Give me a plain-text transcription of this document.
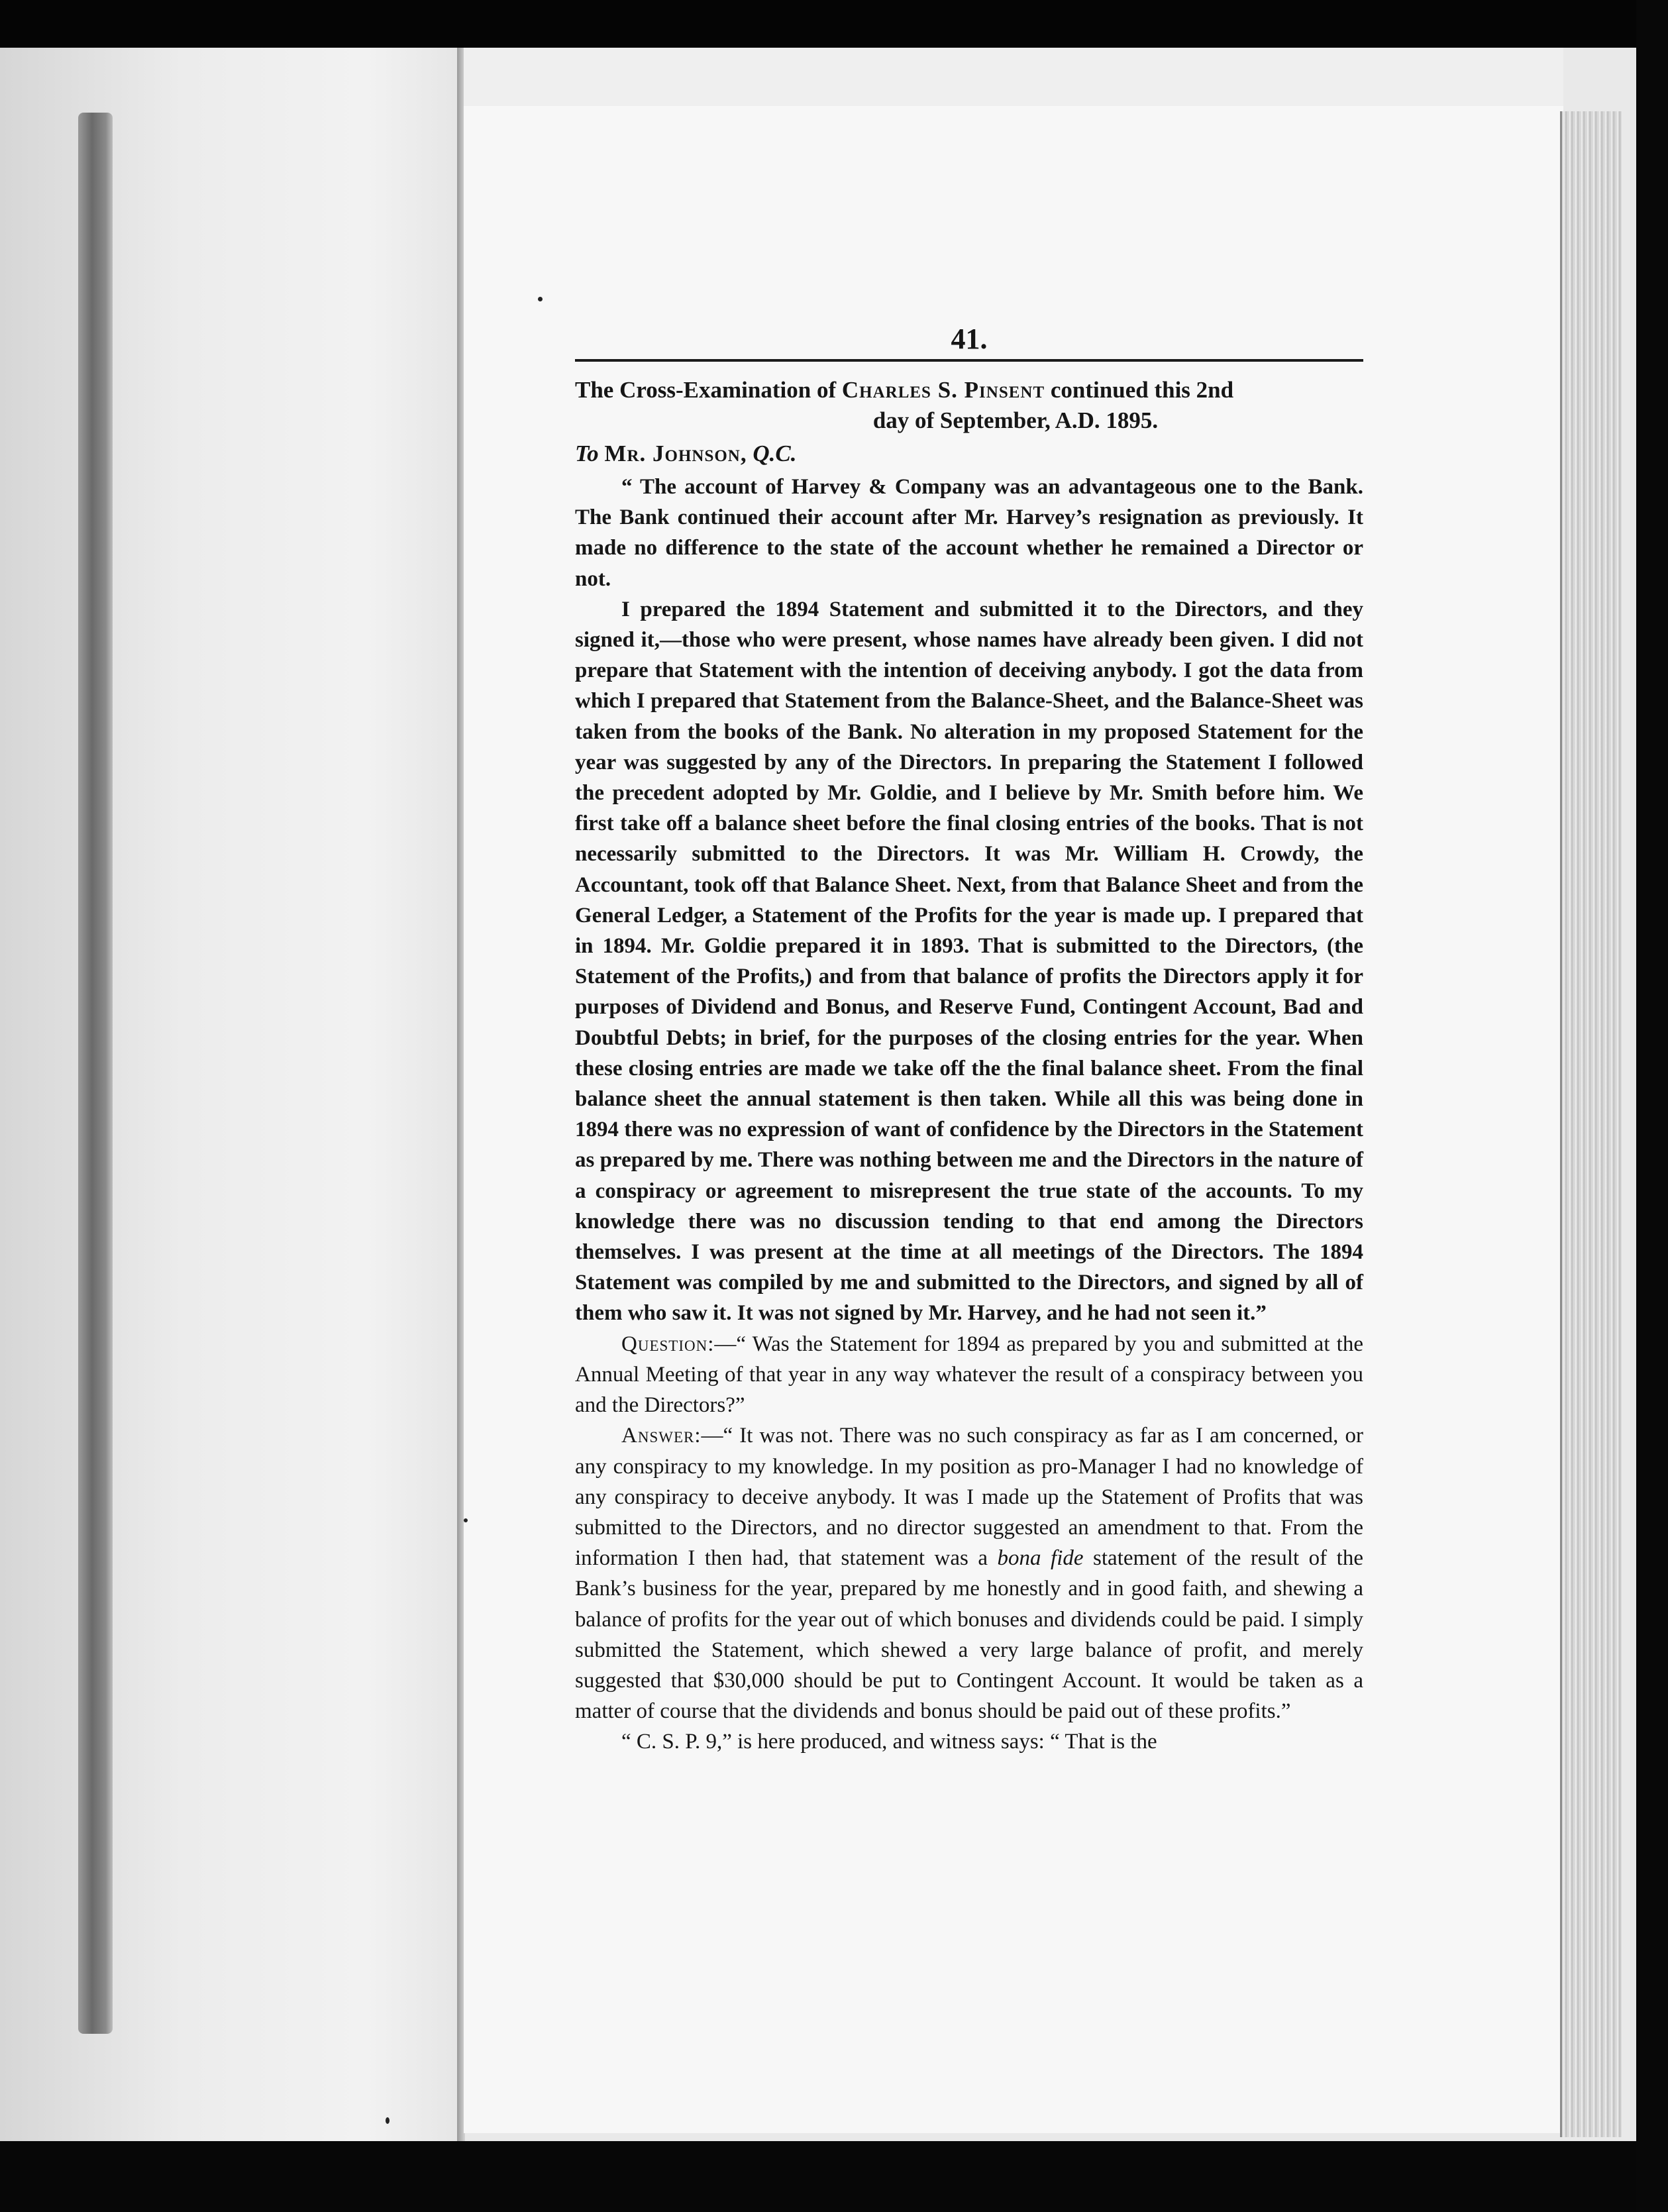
41.

The Cross-Examination of Charles S. Pinsent continued this 2nd

day of September, A.D. 1895.

To Mr. Johnson, Q.C.

“ The account of Harvey & Company was an advantageous one to the Bank. The Bank continued their account after Mr. Harvey’s resignation as previously. It made no difference to the state of the account whether he remained a Director or not.

I prepared the 1894 Statement and submitted it to the Directors, and they signed it,—those who were present, whose names have already been given. I did not prepare that Statement with the intention of deceiving anybody. I got the data from which I prepared that Statement from the Balance-Sheet, and the Balance-Sheet was taken from the books of the Bank. No alteration in my proposed Statement for the year was suggested by any of the Directors. In preparing the Statement I followed the precedent adopted by Mr. Goldie, and I believe by Mr. Smith before him. We first take off a balance sheet before the final closing entries of the books. That is not necessarily submitted to the Directors. It was Mr. William H. Crowdy, the Accountant, took off that Balance Sheet. Next, from that Balance Sheet and from the General Ledger, a Statement of the Profits for the year is made up. I prepared that in 1894. Mr. Goldie prepared it in 1893. That is submitted to the Directors, (the Statement of the Profits,) and from that balance of profits the Directors apply it for purposes of Dividend and Bonus, and Reserve Fund, Contingent Account, Bad and Doubtful Debts; in brief, for the purposes of the closing entries for the year. When these closing entries are made we take off the the final balance sheet. From the final balance sheet the annual statement is then taken. While all this was being done in 1894 there was no expression of want of confidence by the Directors in the Statement as prepared by me. There was nothing between me and the Directors in the nature of a conspiracy or agreement to misrepresent the true state of the accounts. To my knowledge there was no discussion tending to that end among the Directors themselves. I was present at the time at all meetings of the Directors. The 1894 Statement was compiled by me and submitted to the Directors, and signed by all of them who saw it. It was not signed by Mr. Harvey, and he had not seen it.”

Question:—“ Was the Statement for 1894 as prepared by you and submitted at the Annual Meeting of that year in any way whatever the result of a conspiracy between you and the Directors?”

Answer:—“ It was not. There was no such conspiracy as far as I am concerned, or any conspiracy to my knowledge. In my position as pro-Manager I had no knowledge of any conspiracy to deceive anybody. It was I made up the Statement of Profits that was submitted to the Directors, and no director suggested an amendment to that. From the information I then had, that statement was a bona fide statement of the result of the Bank’s business for the year, prepared by me honestly and in good faith, and shewing a balance of profits for the year out of which bonuses and dividends could be paid. I simply submitted the Statement, which shewed a very large balance of profit, and merely suggested that $30,000 should be put to Contingent Account. It would be taken as a matter of course that the dividends and bonus should be paid out of these profits.”

“ C. S. P. 9,” is here produced, and witness says: “ That is the
